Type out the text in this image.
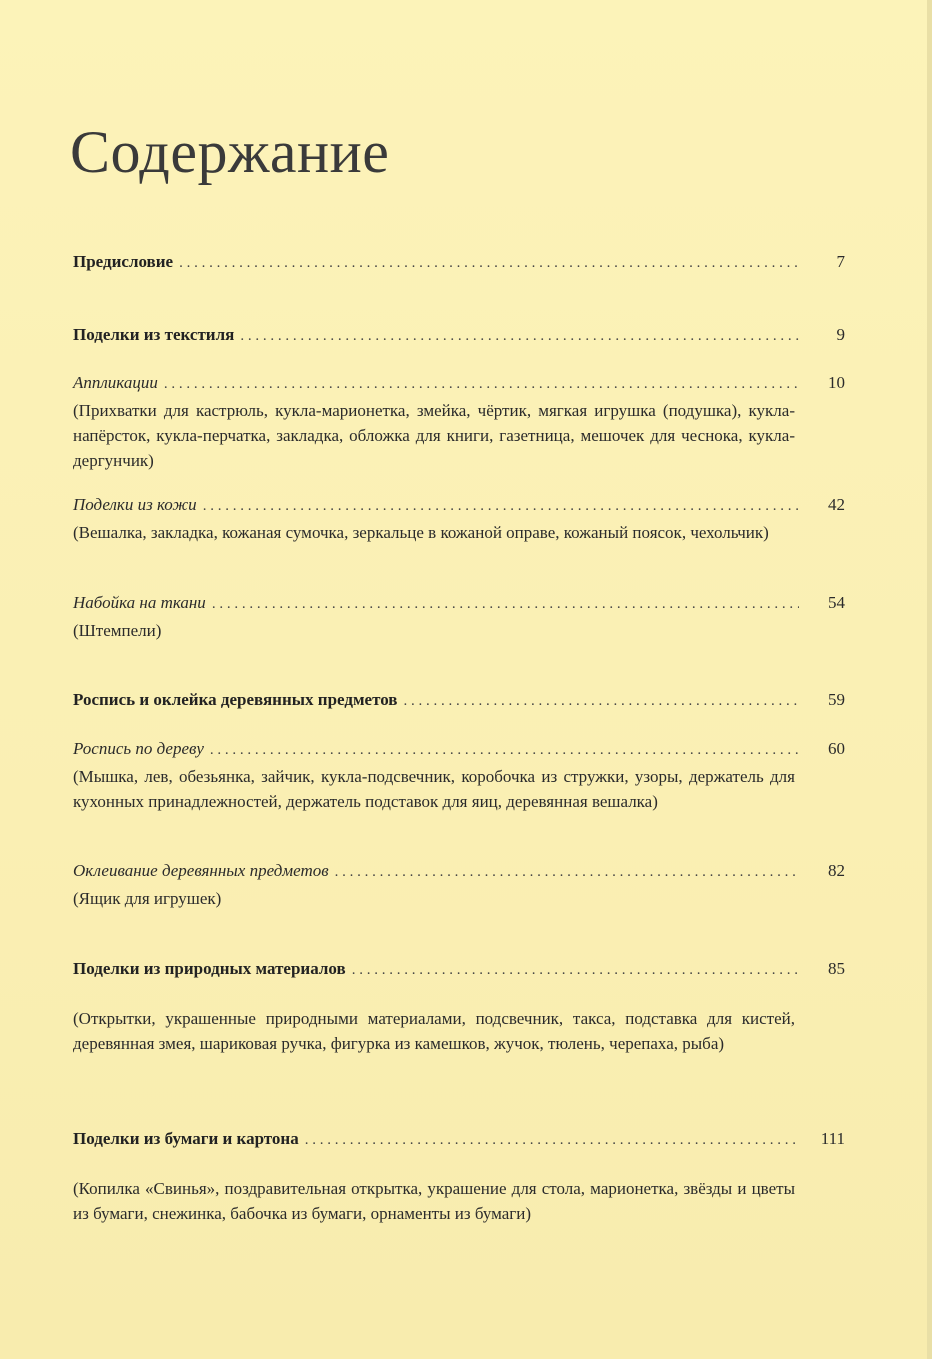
Содержание
Предисловие . . .	7
Поделки из текстиля . . .	9
Аппликации . . .	10
(Прихватки для кастрюль, кукла-марионетка, змейка, чёртик, мягкая игрушка (подушка), кукла-напёрсток, кукла-перчатка, закладка, обложка для книги, газетница, мешочек для чеснока, кукла-дергунчик)
Поделки из кожи . . .	42
(Вешалка, закладка, кожаная сумочка, зеркальце в кожаной оправе, кожаный поясок, чехольчик)
Набойка на ткани . . .	54
(Штемпели)
Роспись и оклейка деревянных предметов . . .	59
Роспись по дереву . . .	60
(Мышка, лев, обезьянка, зайчик, кукла-подсвечник, коробочка из стружки, узоры, держатель для кухонных принадлежностей, держатель подставок для яиц, деревянная вешалка)
Оклеивание деревянных предметов . . .	82
(Ящик для игрушек)
Поделки из природных материалов . . .	85
(Открытки, украшенные природными материалами, подсвечник, такса, подставка для кистей, деревянная змея, шариковая ручка, фигурка из камешков, жучок, тюлень, черепаха, рыба)
Поделки из бумаги и картона . . .	111
(Копилка «Свинья», поздравительная открытка, украшение для стола, марионетка, звёзды и цветы из бумаги, снежинка, бабочка из бумаги, орнаменты из бумаги)
